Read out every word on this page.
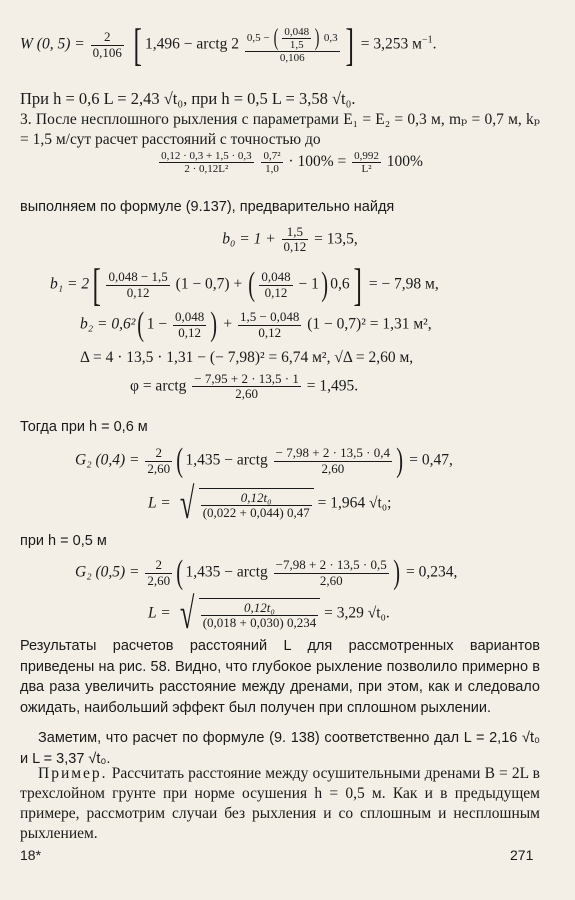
W (0, $5) = \frac{2}{0,106}$ [ 1,496 − arctg $2 \frac{0,5 - ( \frac{0,048}{1,5} ) 0,3}{0,106}$ ] = 3,253 $м^{-1}$.
При h = 0,6 L = 2,43 √t₀, при h = 0,5 L = 3,58 √t₀.
3. После несплошного рыхления с параметрами E₁ = E₂ = 0,3 м, mₚ = 0,7 м, kₚ = 1,5 м/сут расчет расстояний с точностью до
$\frac{0,12 \cdot 0,3 + 1,5 \cdot 0,3}{\text{2 · 0,12L²}}$
$\frac{\text{0,7²}}{1,0} \cdot 100\% = \frac{0,992}{\text{L²}} 100\%$
выполняем по формуле (9.137), предварительно найдя
$b_0 = 1 + \frac{1,5}{0,12} = 13,5$,
$b_1 = 2[ \frac{0,048 - 1,5}{0,12} (1 - 0,7)$ + ( $\frac{0,048}{0,12} - 1$) 0,6] = − 7,98 м,
b₂ = 0,6²( $1 - \frac{0,048}{0,12}$ ) + $\frac{1,5 - 0,048}{0,12} (1 - 0,7)^2 = 1,31$ м²,
Δ = 4 · 13,5 · 1,31 − (− 7,98)² = 6,74 м², √Δ = 2,60 м,
φ = arctg $\frac{- 7,95 + 2 \cdot 13,5 \cdot 1}{2,60} = 1,495$.
Тогда при h = 0,6 м
G₂ $(0,4) = \frac{2}{2,60}$ ( 1,435 − arctg $\frac{- 7,98 + 2 \cdot 13,5 \cdot 0,4}{2,60}$ ) = 0,47,
L = √ $\frac{\text{0,12t₀}}{(0,022 + 0,044) 0,47} = 1,964$ √t₀;
при h = 0,5 м
G₂ $(0,5) = \frac{2}{2,60}$ ( 1,435 − arctg $\frac{-7,98 + 2 \cdot 13,5 \cdot 0,5}{2,60}$ ) = 0,234,
L = √ $\frac{\text{0,12t₀}}{(0,018 + 0,030) 0,234} = 3,29$ √t₀.
Результаты расчетов расстояний L для рассмотренных вариантов приведены на рис. 58. Видно, что глубокое рыхление позволило примерно в два раза увеличить расстояние между дренами, при этом, как и следовало ожидать, наибольший эффект был получен при сплошном рыхлении.
Заметим, что расчет по формуле (9. 138) соответственно дал L = 2,16 √t₀ и L = 3,37 √t₀.
Пример. Рассчитать расстояние между осушительными дренами B = 2L в трехслойном грунте при норме осушения h = 0,5 м. Как и в предыдущем примере, рассмотрим случаи без рыхления и со сплошным и несплошным рыхлением.
18*	271
